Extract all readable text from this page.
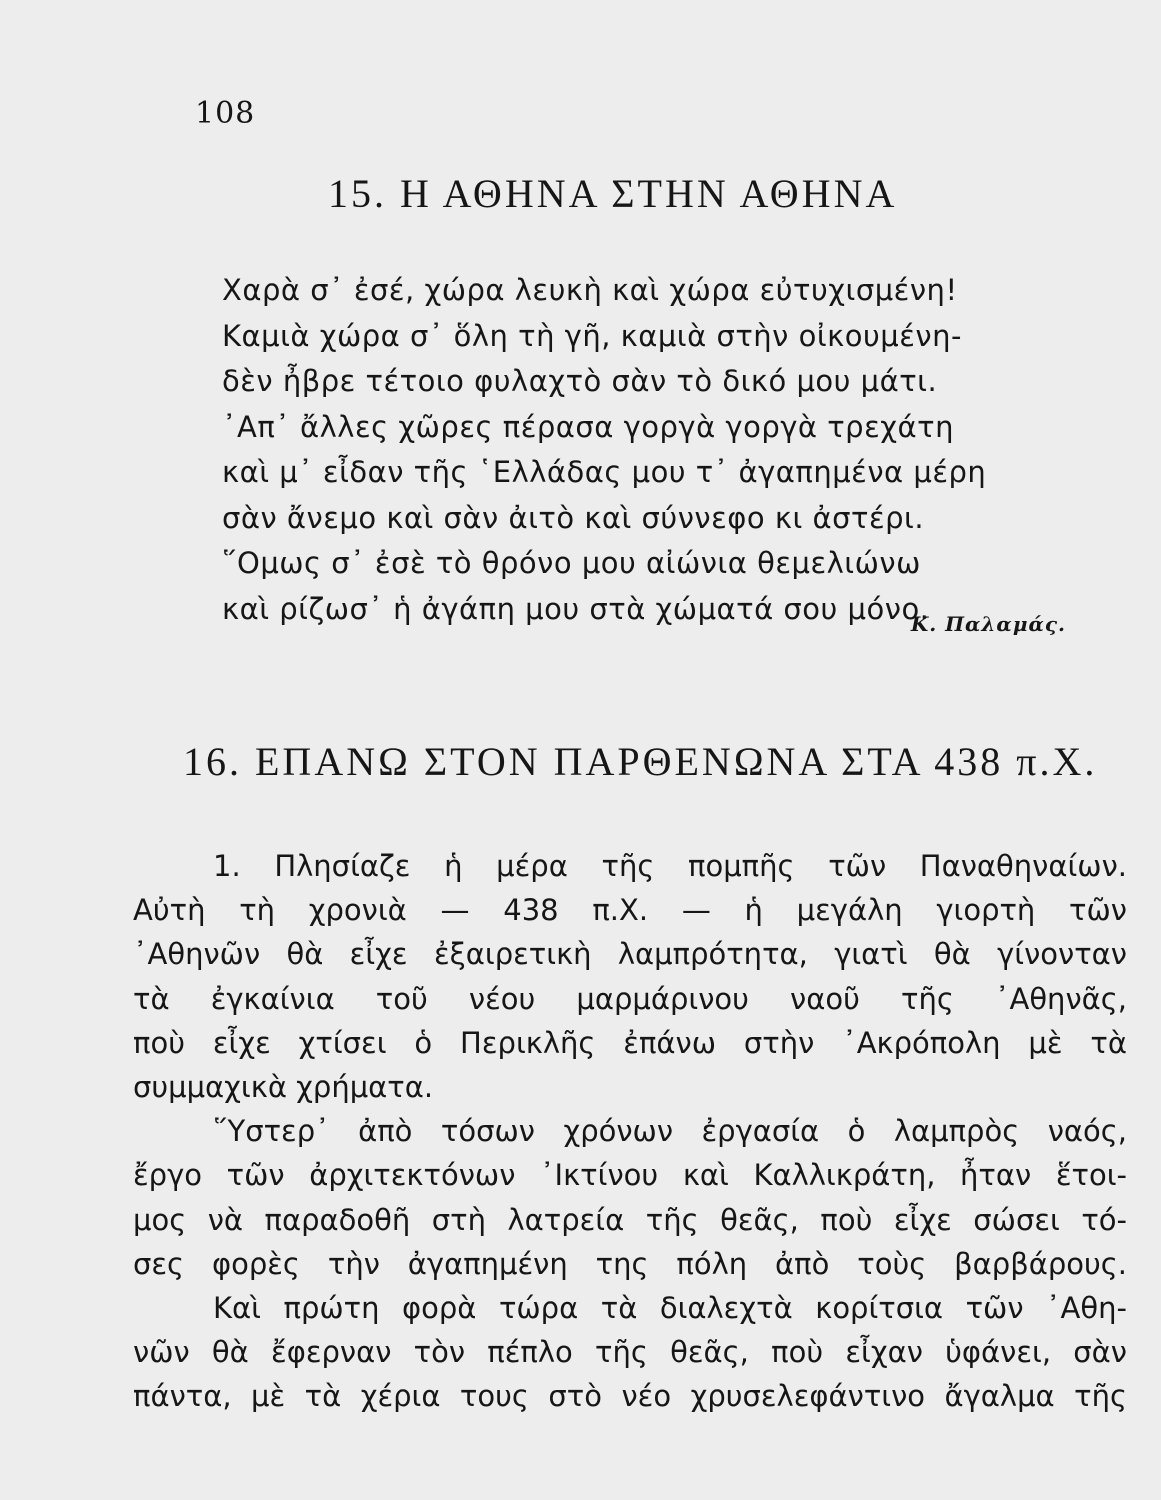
108
15. Η ΑΘΗΝΑ ΣΤΗΝ ΑΘΗΝΑ
Χαρὰ σ᾿ ἐσέ, χώρα λευκὴ καὶ χώρα εὐτυχισμένη!
Καμιὰ χώρα σ᾿ ὅλη τὴ γῆ, καμιὰ στὴν οἰκουμένη-
δὲν ἦβρε τέτοιο φυλαχτὸ σὰν τὸ δικό μου μάτι.
᾿Απ᾿ ἄλλες χῶρες πέρασα γοργὰ γοργὰ τρεχάτη
καὶ μ᾿ εἶδαν τῆς ῾Ελλάδας μου τ᾿ ἀγαπημένα μέρη
σὰν ἄνεμο καὶ σὰν ἀιτὸ καὶ σύννεφο κι ἀστέρι.
῞Ομως σ᾿ ἐσὲ τὸ θρόνο μου αἰώνια θεμελιώνω
καὶ ρίζωσ᾿ ἡ ἀγάπη μου στὰ χώματά σου μόνο.
Κ. Παλαμάς.
16. ΕΠΑΝΩ ΣΤΟΝ ΠΑΡΘΕΝΩΝΑ ΣΤΑ 438 π.Χ.
1. Πλησίαζε ἡ μέρα τῆς πομπῆς τῶν Παναθηναίων.
Αὐτὴ τὴ χρονιὰ — 438 π.Χ. — ἡ μεγάλη γιορτὴ τῶν
᾿Αθηνῶν θὰ εἶχε ἐξαιρετικὴ λαμπρότητα, γιατὶ θὰ γίνονταν
τὰ ἐγκαίνια τοῦ νέου μαρμάρινου ναοῦ τῆς ᾿Αθηνᾶς,
ποὺ εἶχε χτίσει ὁ Περικλῆς ἐπάνω στὴν ᾿Ακρόπολη μὲ τὰ
συμμαχικὰ χρήματα.
῞Υστερ᾿ ἀπὸ τόσων χρόνων ἐργασία ὁ λαμπρὸς ναός,
ἔργο τῶν ἀρχιτεκτόνων ᾿Ικτίνου καὶ Καλλικράτη, ἦταν ἕτοι-
μος νὰ παραδοθῆ στὴ λατρεία τῆς θεᾶς, ποὺ εἶχε σώσει τό-
σες φορὲς τὴν ἀγαπημένη της πόλη ἀπὸ τοὺς βαρβάρους.
Καὶ πρώτη φορὰ τώρα τὰ διαλεχτὰ κορίτσια τῶν ᾿Αθη-
νῶν θὰ ἔφερναν τὸν πέπλο τῆς θεᾶς, ποὺ εἶχαν ὑφάνει, σὰν
πάντα, μὲ τὰ χέρια τους στὸ νέο χρυσελεφάντινο ἄγαλμα τῆς
